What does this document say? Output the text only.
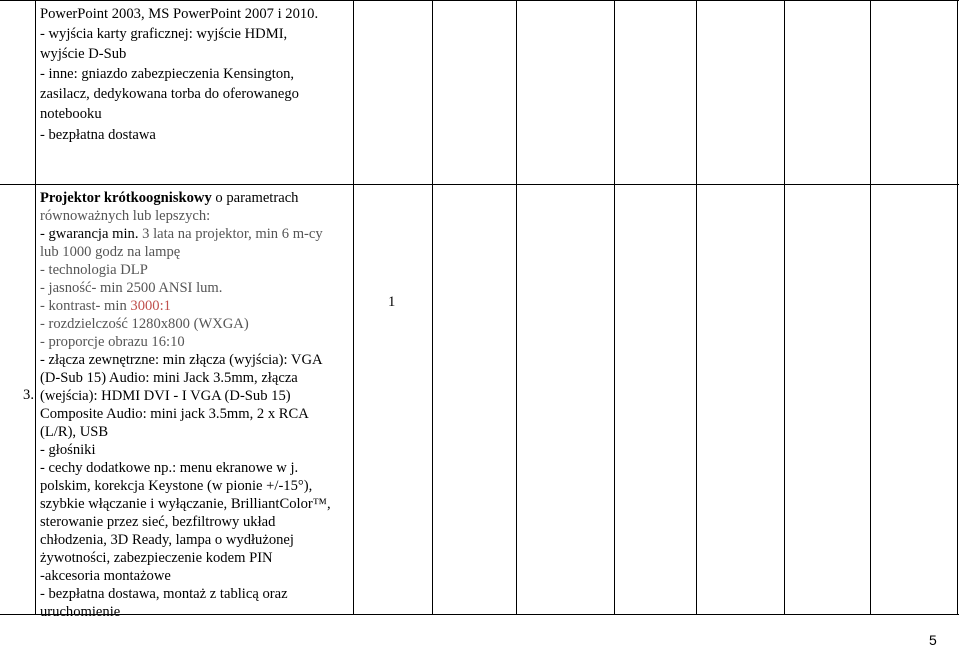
PowerPoint 2003, MS PowerPoint 2007 i 2010.
- wyjścia karty graficznej: wyjście HDMI,
wyjście D-Sub
- inne: gniazdo zabezpieczenia Kensington,
zasilacz, dedykowana torba do oferowanego
notebooku
- bezpłatna dostawa
3.
1
Projektor krótkoogniskowy o parametrach
równoważnych lub lepszych:
- gwarancja min. 3 lata na projektor, min 6 m-cy
lub 1000 godz na lampę
- technologia DLP
- jasność- min 2500 ANSI lum.
- kontrast- min 3000:1
- rozdzielczość 1280x800 (WXGA)
- proporcje obrazu 16:10
- złącza zewnętrzne: min złącza (wyjścia): VGA
(D-Sub 15) Audio: mini Jack 3.5mm, złącza
(wejścia): HDMI DVI - I VGA (D-Sub 15)
Composite Audio: mini jack 3.5mm, 2 x RCA
(L/R), USB
- głośniki
- cechy dodatkowe np.: menu ekranowe w j.
polskim, korekcja Keystone (w pionie +/-15°),
szybkie włączanie i wyłączanie, BrilliantColor™,
sterowanie przez sieć, bezfiltrowy układ
chłodzenia, 3D Ready, lampa o wydłużonej
żywotności, zabezpieczenie kodem PIN
-akcesoria montażowe
- bezpłatna dostawa, montaż z tablicą oraz
uruchomienie
5
